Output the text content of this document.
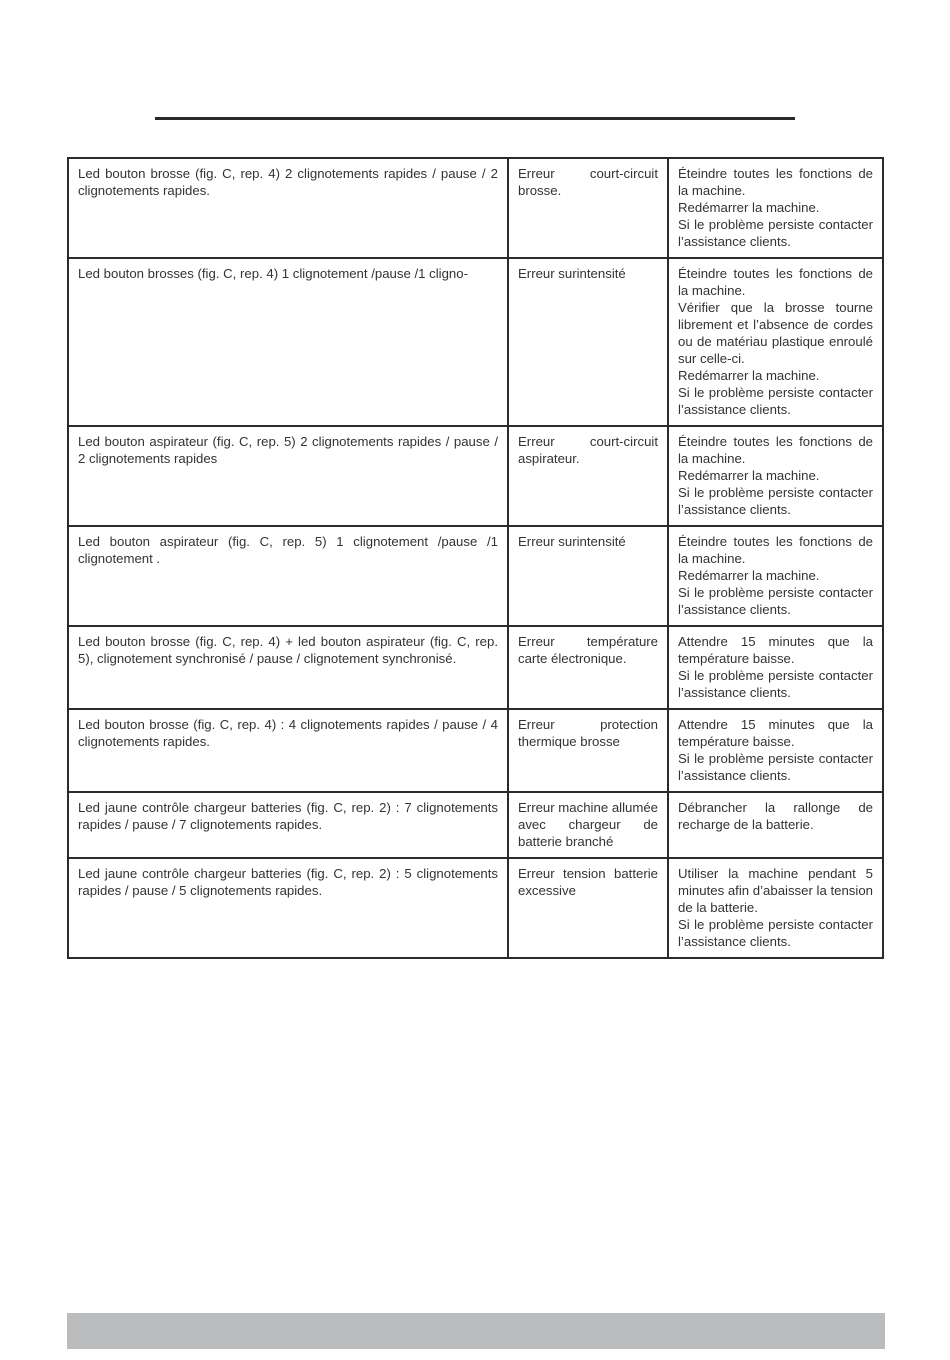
Led bouton brosse (fig. C, rep. 4) 2 clignotements rapides / pause / 2 clignotements rapides.	Erreur court-circuit brosse.	Éteindre toutes les fonctions de la machine.
Redémarrer la machine.
Si le problème persiste contacter l’assistance clients.

Led bouton brosses (fig. C, rep. 4) 1 clignotement /pause /1 cligno-	Erreur surintensité	Éteindre toutes les fonctions de la machine.
Vérifier que la brosse tourne librement et l’absence de cordes ou de matériau plastique enroulé sur celle-ci.
Redémarrer la machine.
Si le problème persiste contacter l’assistance clients.

Led bouton aspirateur (fig. C, rep. 5) 2 clignotements rapides / pause / 2 clignotements rapides	Erreur court-circuit aspirateur.	Éteindre toutes les fonctions de la machine.
Redémarrer la machine.
Si le problème persiste contacter l’assistance clients.

Led bouton aspirateur (fig. C, rep. 5) 1 clignotement /pause /1 clignotement .	Erreur surintensité	Éteindre toutes les fonctions de la machine.
Redémarrer la machine.
Si le problème persiste contacter l’assistance clients.

Led bouton brosse (fig. C, rep. 4) + led bouton aspirateur (fig. C, rep. 5), clignotement synchronisé / pause / clignotement synchronisé.	Erreur température carte électronique.	Attendre 15 minutes que la température baisse.
Si le problème persiste contacter l’assistance clients.

Led bouton brosse (fig. C, rep. 4) : 4 clignotements rapides / pause / 4 clignotements rapides.	Erreur protection thermique brosse	Attendre 15 minutes que la température baisse.
Si le problème persiste contacter l’assistance clients.

Led jaune contrôle chargeur batteries (fig. C, rep. 2) : 7 clignotements rapides / pause / 7 clignotements rapides.	Erreur machine allumée avec chargeur de batterie branché	Débrancher la rallonge de recharge de la batterie.

Led jaune contrôle chargeur batteries (fig. C, rep. 2) : 5 clignotements rapides / pause / 5 clignotements rapides.	Erreur tension batterie excessive	Utiliser la machine pendant 5 minutes afin d’abaisser la tension de la batterie.
Si le problème persiste contacter l’assistance clients.
